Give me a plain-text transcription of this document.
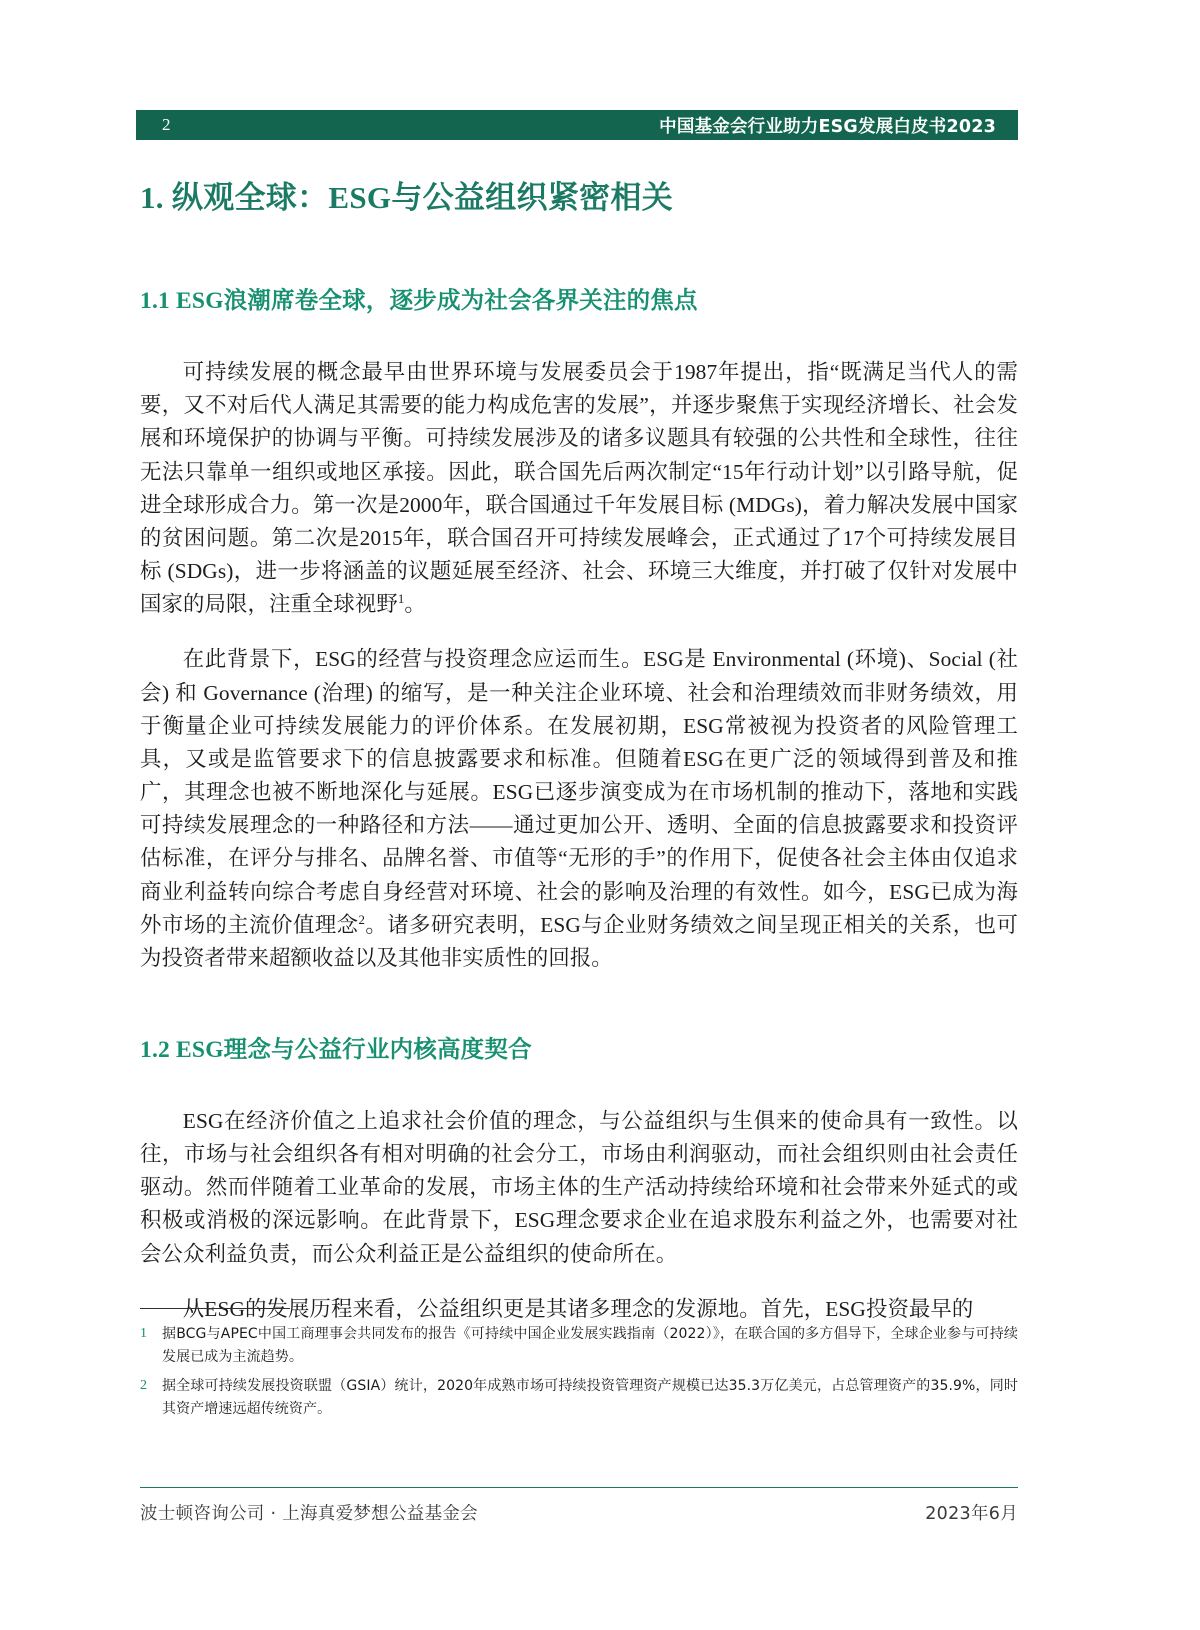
2	中国基金会行业助力ESG发展白皮书2023
1. 纵观全球：ESG与公益组织紧密相关
1.1 ESG浪潮席卷全球，逐步成为社会各界关注的焦点

可持续发展的概念最早由世界环境与发展委员会于1987年提出，指“既满足当代人的需要，又不对后代人满足其需要的能力构成危害的发展”，并逐步聚焦于实现经济增长、社会发展和环境保护的协调与平衡。可持续发展涉及的诸多议题具有较强的公共性和全球性，往往无法只靠单一组织或地区承接。因此，联合国先后两次制定“15年行动计划”以引路导航，促进全球形成合力。第一次是2000年，联合国通过千年发展目标 (MDGs)，着力解决发展中国家的贫困问题。第二次是2015年，联合国召开可持续发展峰会，正式通过了17个可持续发展目标 (SDGs)，进一步将涵盖的议题延展至经济、社会、环境三大维度，并打破了仅针对发展中国家的局限，注重全球视野$^1$。

在此背景下，ESG的经营与投资理念应运而生。ESG是 Environmental (环境)、Social (社会) 和 Governance (治理) 的缩写，是一种关注企业环境、社会和治理绩效而非财务绩效，用于衡量企业可持续发展能力的评价体系。在发展初期，ESG常被视为投资者的风险管理工具，又或是监管要求下的信息披露要求和标准。但随着ESG在更广泛的领域得到普及和推广，其理念也被不断地深化与延展。ESG已逐步演变成为在市场机制的推动下，落地和实践可持续发展理念的一种路径和方法——通过更加公开、透明、全面的信息披露要求和投资评估标准，在评分与排名、品牌名誉、市值等“无形的手”的作用下，促使各社会主体由仅追求商业利益转向综合考虑自身经营对环境、社会的影响及治理的有效性。如今，ESG已成为海外市场的主流价值理念$^2$。诸多研究表明，ESG与企业财务绩效之间呈现正相关的关系，也可为投资者带来超额收益以及其他非实质性的回报。

1.2 ESG理念与公益行业内核高度契合

ESG在经济价值之上追求社会价值的理念，与公益组织与生俱来的使命具有一致性。以往，市场与社会组织各有相对明确的社会分工，市场由利润驱动，而社会组织则由社会责任驱动。然而伴随着工业革命的发展，市场主体的生产活动持续给环境和社会带来外延式的或积极或消极的深远影响。在此背景下，ESG理念要求企业在追求股东利益之外，也需要对社会公众利益负责，而公众利益正是公益组织的使命所在。

从ESG的发展历程来看，公益组织更是其诸多理念的发源地。首先，ESG投资最早的

1	据BCG与APEC中国工商理事会共同发布的报告《可持续中国企业发展实践指南（2022）》，在联合国的多方倡导下，全球企业参与可持续发展已成为主流趋势。
2	据全球可持续发展投资联盟（GSIA）统计，2020年成熟市场可持续投资管理资产规模已达35.3万亿美元，占总管理资产的35.9%，同时其资产增速远超传统资产。
波士顿咨询公司 · 上海真爱梦想公益基金会	2023年6月
